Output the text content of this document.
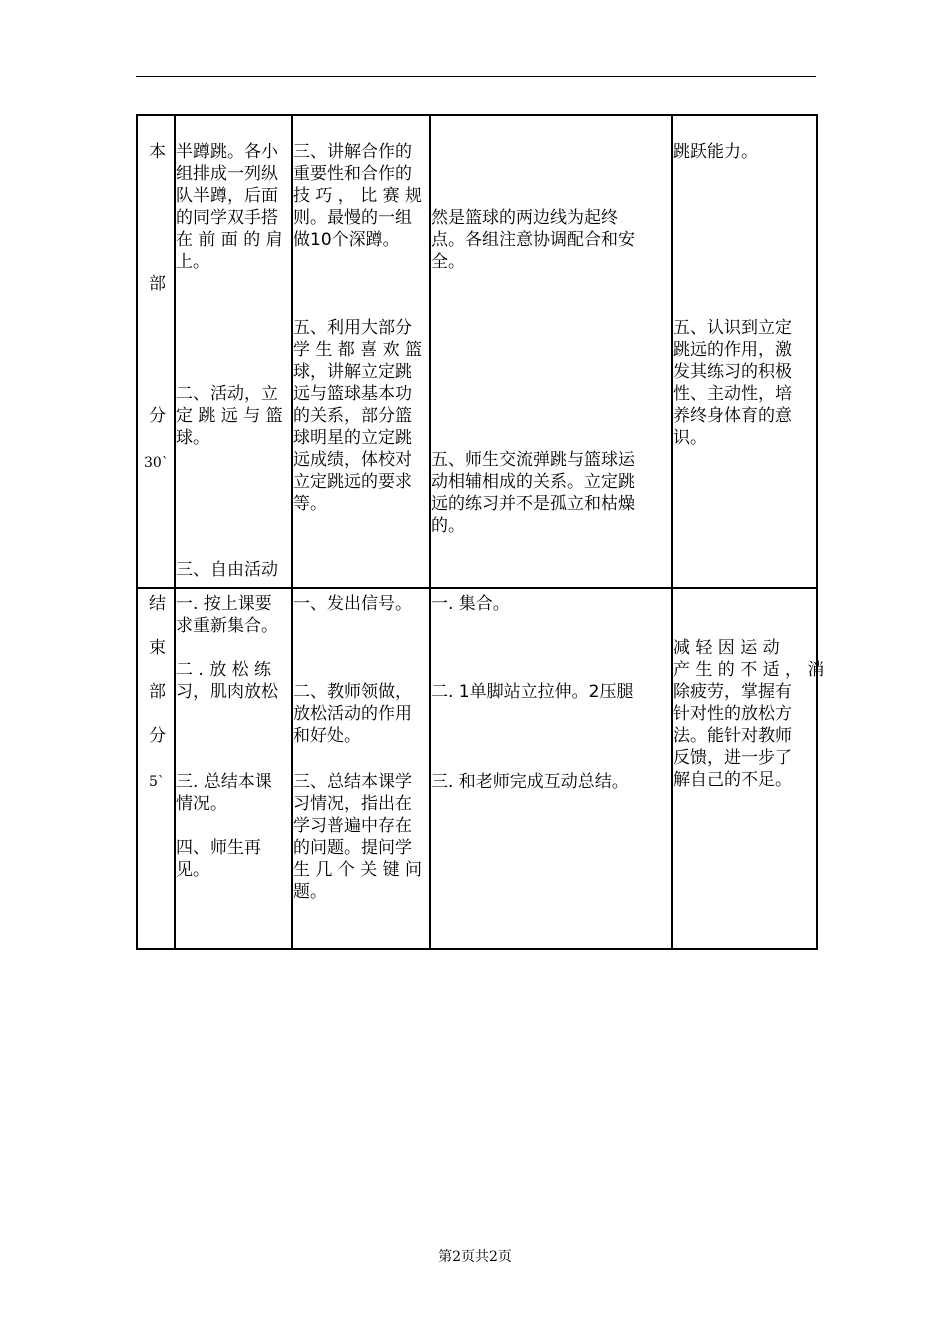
本
部
分
30`
半蹲跳。各小
组排成一列纵
队半蹲，后面
的同学双手搭
在 前 面 的 肩
上。
二、活动，立
定 跳 远 与 篮
球。
三、自由活动
三、讲解合作的
重要性和合作的
技 巧 ， 比 赛 规
则。最慢的一组
做10个深蹲。
五、利用大部分
学 生 都 喜 欢 篮
球，讲解立定跳
远与篮球基本功
的关系，部分篮
球明星的立定跳
远成绩，体校对
立定跳远的要求
等。
然是篮球的两边线为起终
点。各组注意协调配合和安
全。
五、师生交流弹跳与篮球运
动相辅相成的关系。立定跳
远的练习并不是孤立和枯燥
的。
跳跃能力。
五、认识到立定
跳远的作用，激
发其练习的积极
性、主动性，培
养终身体育的意
识。
结
束
部
分
5`
一. 按上课要
求重新集合。
二 . 放 松 练
习，肌肉放松
三. 总结本课
情况。
四、师生再
见。
一、发出信号。
二、教师领做，
放松活动的作用
和好处。
三、总结本课学
习情况，指出在
学习普遍中存在
的问题。提问学
生 几 个 关 键 问
题。
一. 集合。
二. 1单脚站立拉伸。2压腿
三. 和老师完成互动总结。
减 轻 因 运 动
产 生 的 不 适 ， 消
除疲劳，掌握有
针对性的放松方
法。能针对教师
反馈，进一步了
解自己的不足。
第2页共2页
